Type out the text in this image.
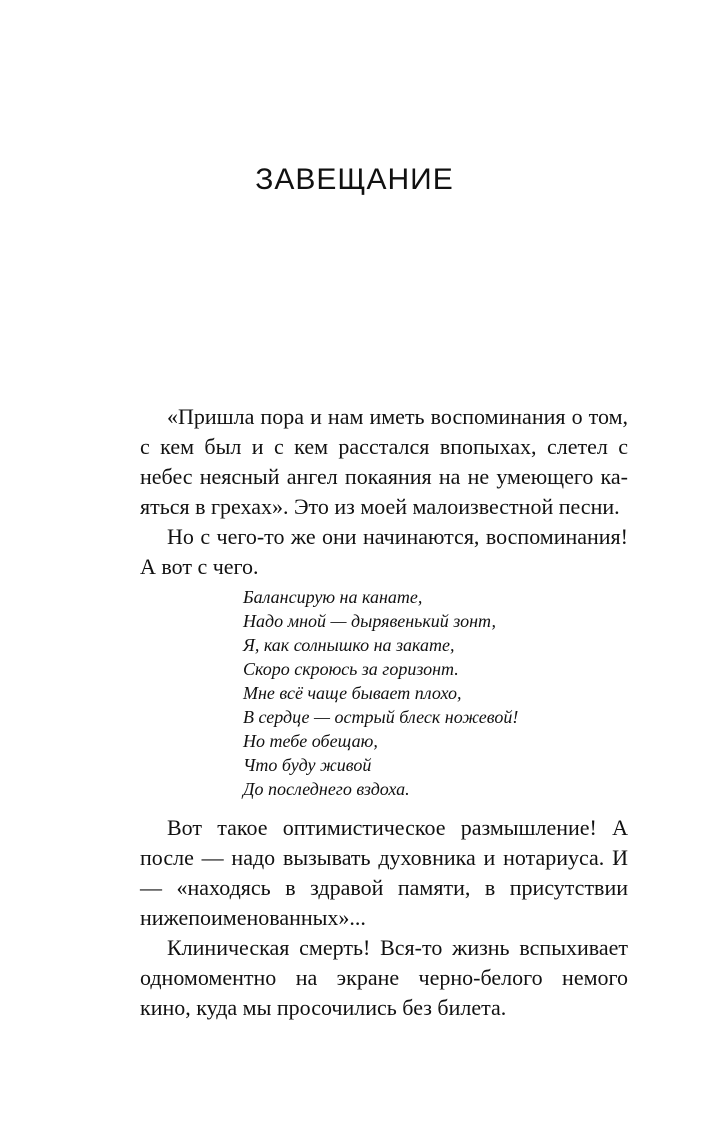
ЗАВЕЩАНИЕ

«Пришла пора и нам иметь воспоминания о том, с кем был и с кем расстался впопыхах, слетел с небес неясный ангел покаяния на не умеющего каяться в грехах». Это из моей малоизвестной песни.

Но с чего-то же они начинаются, воспоминания! А вот с чего.

Балансирую на канате,
Надо мной — дырявенький зонт,
Я, как солнышко на закате,
Скоро скроюсь за горизонт.
Мне всё чаще бывает плохо,
В сердце — острый блеск ножевой!
Но тебе обещаю,
Что буду живой
До последнего вздоха.

Вот такое оптимистическое размышление! А после — надо вызывать духовника и нотариуса. И — «находясь в здравой памяти, в присутствии нижепоименованных»...

Клиническая смерть! Вся-то жизнь вспыхивает одномоментно на экране черно-белого немого кино, куда мы просочились без билета.
